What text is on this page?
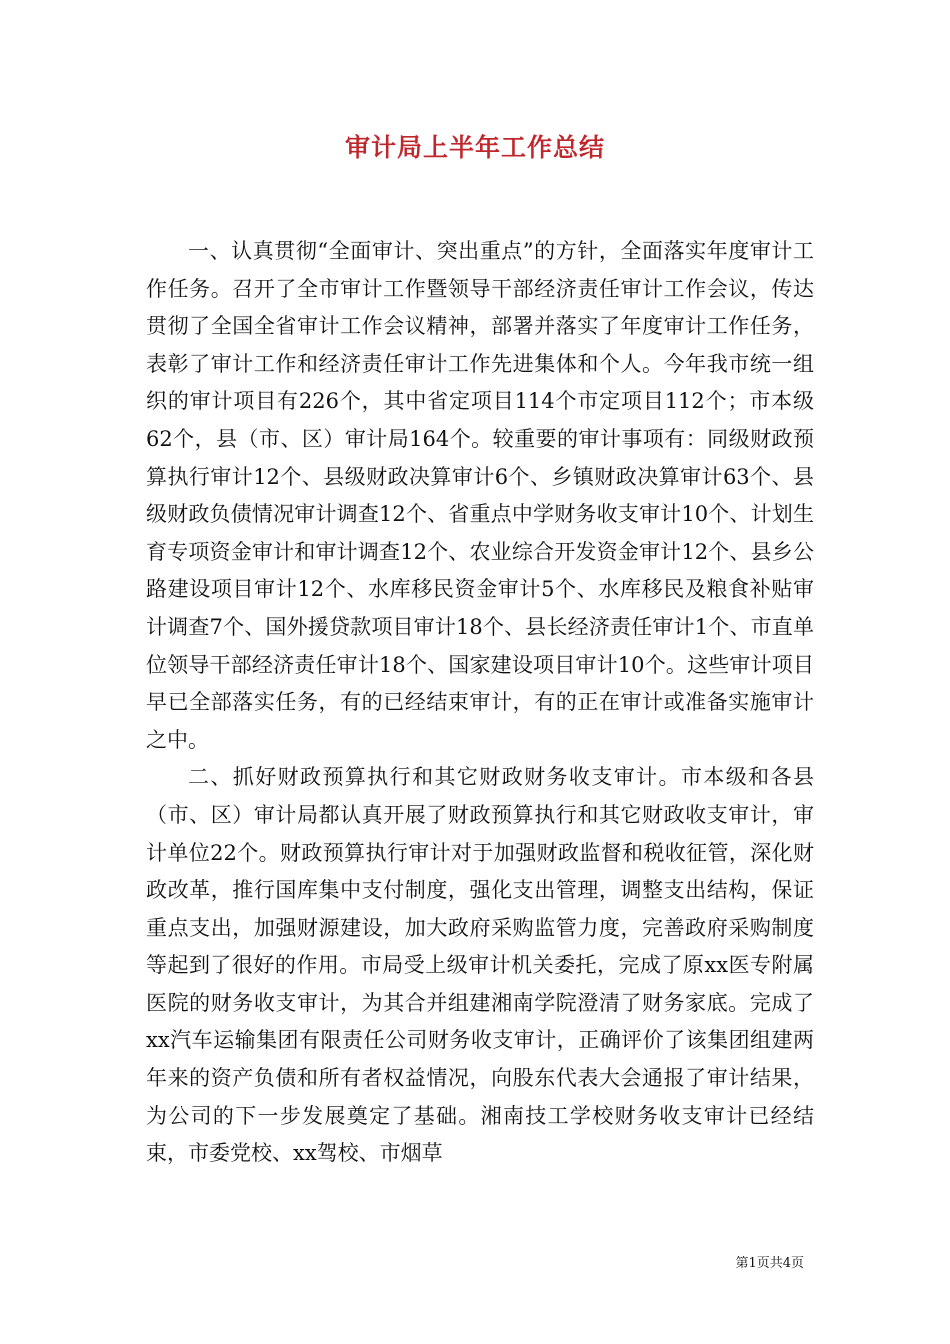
审计局上半年工作总结

一、认真贯彻“全面审计、突出重点”的方针，全面落实年度审计工作任务。召开了全市审计工作暨领导干部经济责任审计工作会议，传达贯彻了全国全省审计工作会议精神，部署并落实了年度审计工作任务，表彰了审计工作和经济责任审计工作先进集体和个人。今年我市统一组织的审计项目有226个，其中省定项目114个市定项目112个；市本级62个，县（市、区）审计局164个。较重要的审计事项有：同级财政预算执行审计12个、县级财政决算审计6个、乡镇财政决算审计63个、县级财政负债情况审计调查12个、省重点中学财务收支审计10个、计划生育专项资金审计和审计调查12个、农业综合开发资金审计12个、县乡公路建设项目审计12个、水库移民资金审计5个、水库移民及粮食补贴审计调查7个、国外援贷款项目审计18个、县长经济责任审计1个、市直单位领导干部经济责任审计18个、国家建设项目审计10个。这些审计项目早已全部落实任务，有的已经结束审计，有的正在审计或准备实施审计之中。

二、抓好财政预算执行和其它财政财务收支审计。市本级和各县（市、区）审计局都认真开展了财政预算执行和其它财政收支审计，审计单位22个。财政预算执行审计对于加强财政监督和税收征管，深化财政改革，推行国库集中支付制度，强化支出管理，调整支出结构，保证重点支出，加强财源建设，加大政府采购监管力度，完善政府采购制度等起到了很好的作用。市局受上级审计机关委托，完成了原xx医专附属医院的财务收支审计，为其合并组建湘南学院澄清了财务家底。完成了xx汽车运输集团有限责任公司财务收支审计，正确评价了该集团组建两年来的资产负债和所有者权益情况，向股东代表大会通报了审计结果，为公司的下一步发展奠定了基础。湘南技工学校财务收支审计已经结束，市委党校、xx驾校、市烟草

第1页共4页
